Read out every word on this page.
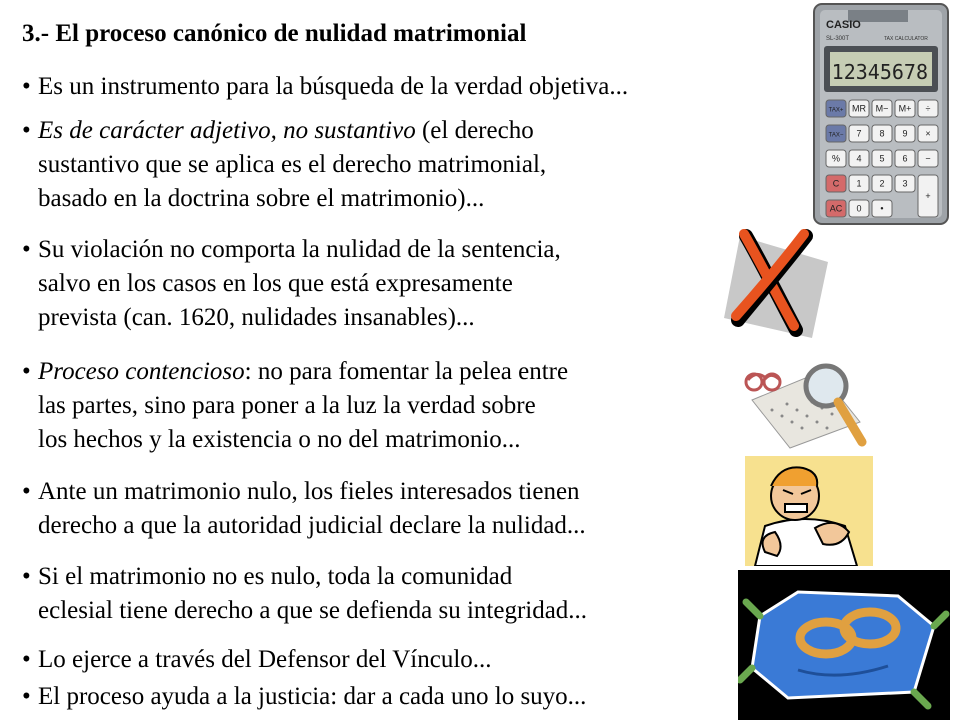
3.- El proceso canónico de nulidad matrimonial
• Es un instrumento para la búsqueda de la verdad objetiva...
• Es de carácter adjetivo, no sustantivo (el derecho
sustantivo que se aplica es el derecho matrimonial,
basado en la doctrina sobre el matrimonio)...
• Su violación no comporta la nulidad de la sentencia,
salvo en los casos en los que está expresamente
prevista (can. 1620, nulidades insanables)...
• Proceso contencioso: no para fomentar la pelea entre
las partes, sino para poner a la luz la verdad sobre
los hechos y la existencia o no del matrimonio...
• Ante un matrimonio nulo, los fieles interesados tienen
derecho a que la autoridad judicial declare la nulidad...
• Si el matrimonio no es nulo, toda la comunidad
eclesial tiene derecho a que se defienda su integridad...
• Lo ejerce a través del Defensor del Vínculo...
• El proceso ayuda a la justicia: dar a cada uno lo suyo...
CASIO
SL-300T	TAX CALCULATOR
12345678
TAX+ MR M− M+ ÷
TAX− 7 8 9 ×
% 4 5 6 −
C 1 2 3
+
AC 0 •
